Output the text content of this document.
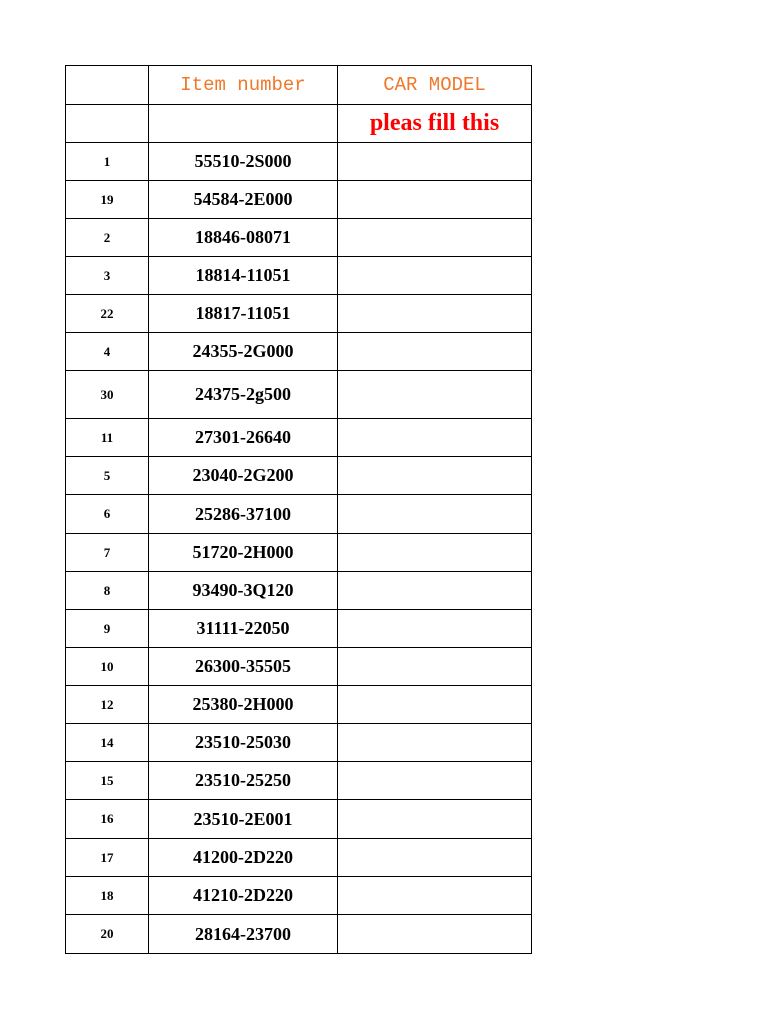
	Item number	CAR MODEL
		pleas fill this
1	55510-2S000	
19	54584-2E000	
2	18846-08071	
3	18814-11051	
22	18817-11051	
4	24355-2G000	
30	24375-2g500	
11	27301-26640	
5	23040-2G200	
6	25286-37100	
7	51720-2H000	
8	93490-3Q120	
9	31111-22050	
10	26300-35505	
12	25380-2H000	
14	23510-25030	
15	23510-25250	
16	23510-2E001	
17	41200-2D220	
18	41210-2D220	
20	28164-23700	
